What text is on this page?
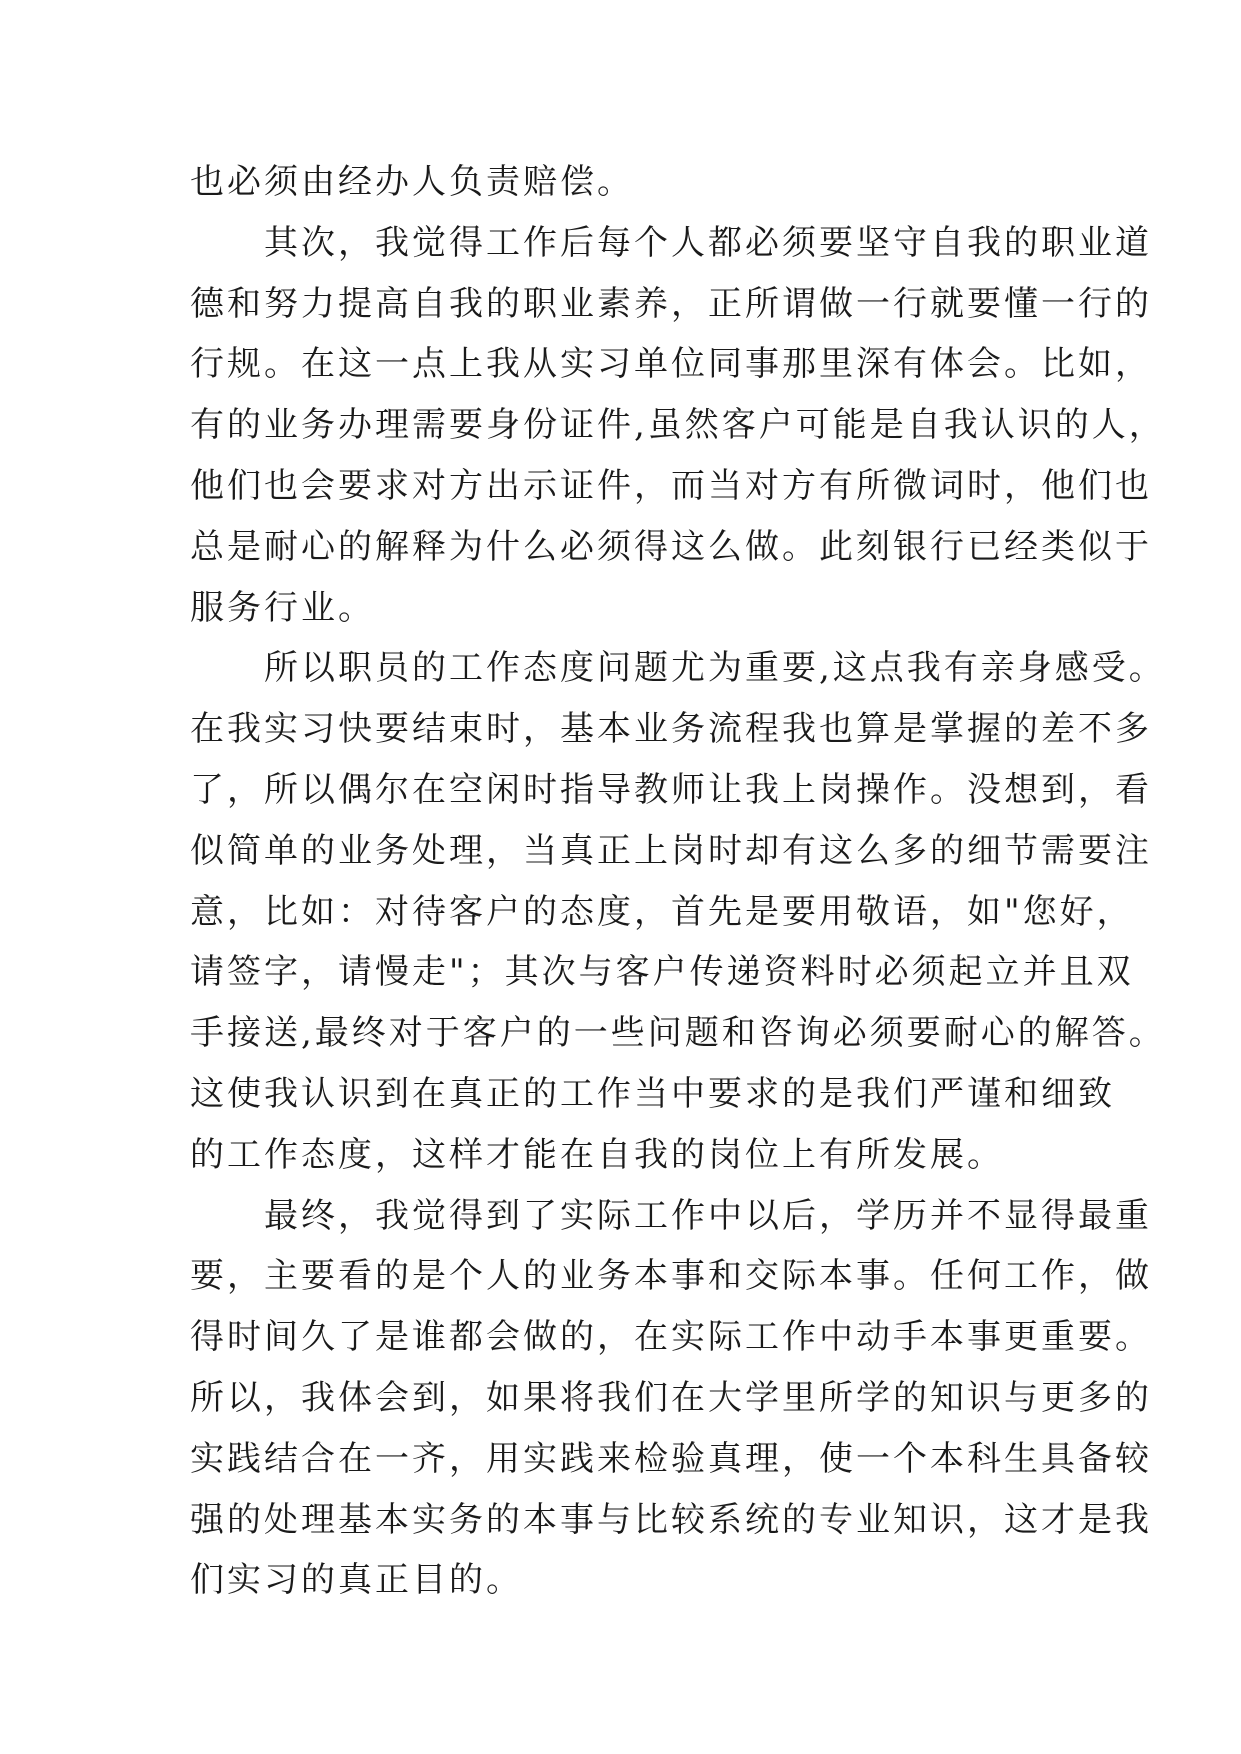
也必须由经办人负责赔偿。
　　其次，我觉得工作后每个人都必须要坚守自我的职业道
德和努力提高自我的职业素养，正所谓做一行就要懂一行的
行规。在这一点上我从实习单位同事那里深有体会。比如，
有的业务办理需要身份证件,虽然客户可能是自我认识的人，
他们也会要求对方出示证件，而当对方有所微词时，他们也
总是耐心的解释为什么必须得这么做。此刻银行已经类似于
服务行业。
　　所以职员的工作态度问题尤为重要,这点我有亲身感受。
在我实习快要结束时，基本业务流程我也算是掌握的差不多
了，所以偶尔在空闲时指导教师让我上岗操作。没想到，看
似简单的业务处理，当真正上岗时却有这么多的细节需要注
意，比如：对待客户的态度，首先是要用敬语，如"您好，
请签字，请慢走"；其次与客户传递资料时必须起立并且双
手接送,最终对于客户的一些问题和咨询必须要耐心的解答。
这使我认识到在真正的工作当中要求的是我们严谨和细致
的工作态度，这样才能在自我的岗位上有所发展。
　　最终，我觉得到了实际工作中以后，学历并不显得最重
要，主要看的是个人的业务本事和交际本事。任何工作，做
得时间久了是谁都会做的，在实际工作中动手本事更重要。
所以，我体会到，如果将我们在大学里所学的知识与更多的
实践结合在一齐，用实践来检验真理，使一个本科生具备较
强的处理基本实务的本事与比较系统的专业知识，这才是我
们实习的真正目的。
